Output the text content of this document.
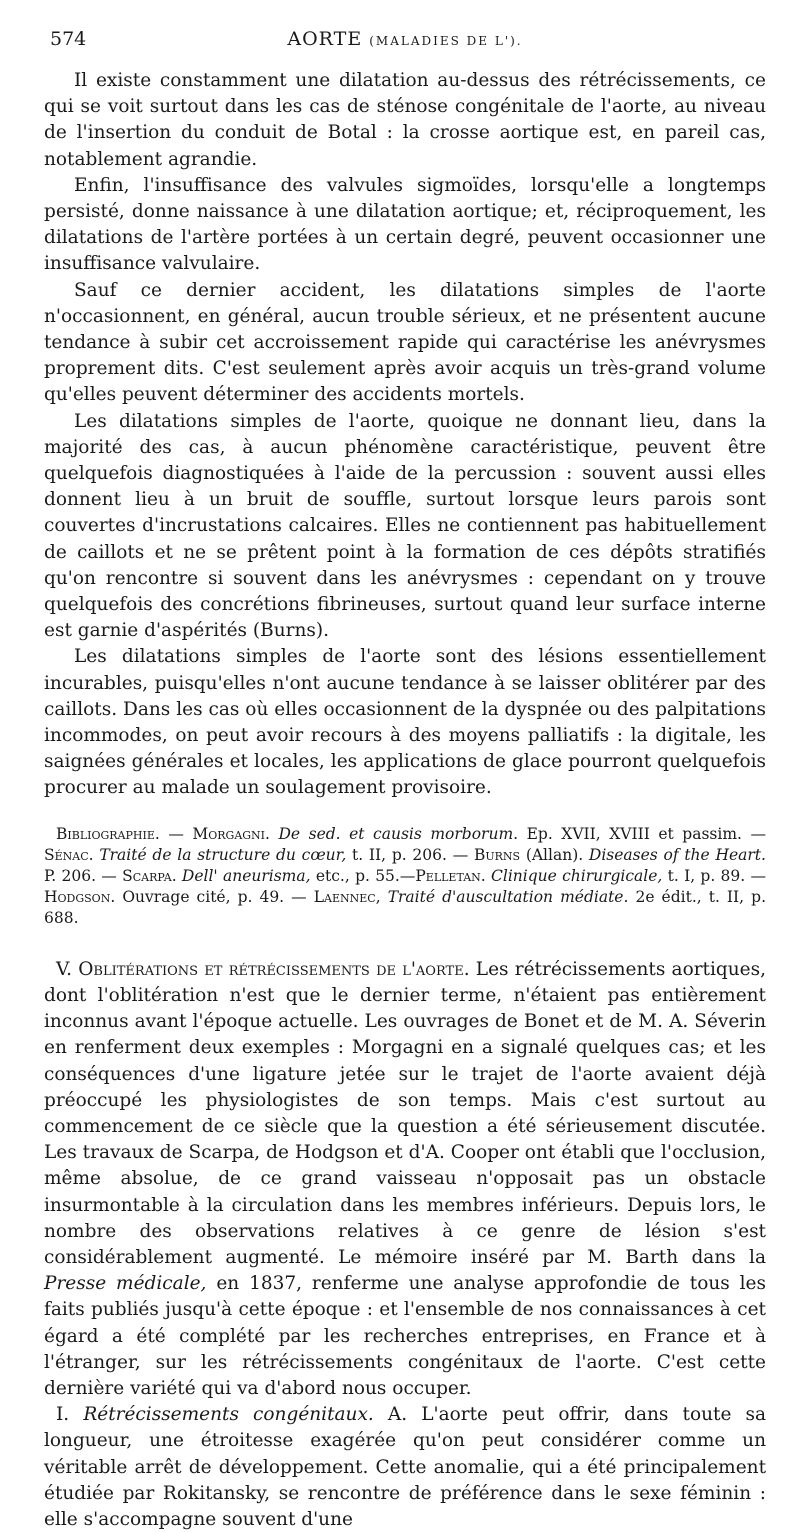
574	AORTE (MALADIES DE L').

Il existe constamment une dilatation au-dessus des rétrécissements, ce qui se voit surtout dans les cas de sténose congénitale de l'aorte, au niveau de l'insertion du conduit de Botal : la crosse aortique est, en pareil cas, notablement agrandie.

Enfin, l'insuffisance des valvules sigmoïdes, lorsqu'elle a longtemps persisté, donne naissance à une dilatation aortique; et, réciproquement, les dilatations de l'artère portées à un certain degré, peuvent occasionner une insuffisance valvulaire.

Sauf ce dernier accident, les dilatations simples de l'aorte n'occasionnent, en général, aucun trouble sérieux, et ne présentent aucune tendance à subir cet accroissement rapide qui caractérise les anévrysmes proprement dits. C'est seulement après avoir acquis un très-grand volume qu'elles peuvent déterminer des accidents mortels.

Les dilatations simples de l'aorte, quoique ne donnant lieu, dans la majorité des cas, à aucun phénomène caractéristique, peuvent être quelquefois diagnostiquées à l'aide de la percussion : souvent aussi elles donnent lieu à un bruit de souffle, surtout lorsque leurs parois sont couvertes d'incrustations calcaires. Elles ne contiennent pas habituellement de caillots et ne se prêtent point à la formation de ces dépôts stratifiés qu'on rencontre si souvent dans les anévrysmes : cependant on y trouve quelquefois des concrétions fibrineuses, surtout quand leur surface interne est garnie d'aspérités (Burns).

Les dilatations simples de l'aorte sont des lésions essentiellement incurables, puisqu'elles n'ont aucune tendance à se laisser oblitérer par des caillots. Dans les cas où elles occasionnent de la dyspnée ou des palpitations incommodes, on peut avoir recours à des moyens palliatifs : la digitale, les saignées générales et locales, les applications de glace pourront quelquefois procurer au malade un soulagement provisoire.

Bibliographie. — Morgagni. De sed. et causis morborum. Ep. XVII, XVIII et passim. — Sénac. Traité de la structure du cœur, t. II, p. 206. — Burns (Allan). Diseases of the Heart. P. 206. — Scarpa. Dell' aneurisma, etc., p. 55.—Pelletan. Clinique chirurgicale, t. I, p. 89. — Hodgson. Ouvrage cité, p. 49. — Laennec, Traité d'auscultation médiate. 2e édit., t. II, p. 688.

V. Oblitérations et rétrécissements de l'aorte. Les rétrécissements aortiques, dont l'oblitération n'est que le dernier terme, n'étaient pas entièrement inconnus avant l'époque actuelle. Les ouvrages de Bonet et de M. A. Séverin en renferment deux exemples : Morgagni en a signalé quelques cas; et les conséquences d'une ligature jetée sur le trajet de l'aorte avaient déjà préoccupé les physiologistes de son temps. Mais c'est surtout au commencement de ce siècle que la question a été sérieusement discutée. Les travaux de Scarpa, de Hodgson et d'A. Cooper ont établi que l'occlusion, même absolue, de ce grand vaisseau n'opposait pas un obstacle insurmontable à la circulation dans les membres inférieurs. Depuis lors, le nombre des observations relatives à ce genre de lésion s'est considérablement augmenté. Le mémoire inséré par M. Barth dans la Presse médicale, en 1837, renferme une analyse approfondie de tous les faits publiés jusqu'à cette époque : et l'ensemble de nos connaissances à cet égard a été complété par les recherches entreprises, en France et à l'étranger, sur les rétrécissements congénitaux de l'aorte. C'est cette dernière variété qui va d'abord nous occuper.

I. Rétrécissements congénitaux. A. L'aorte peut offrir, dans toute sa longueur, une étroitesse exagérée qu'on peut considérer comme un véritable arrêt de développement. Cette anomalie, qui a été principalement étudiée par Rokitansky, se rencontre de préférence dans le sexe féminin : elle s'accompagne souvent d'une
